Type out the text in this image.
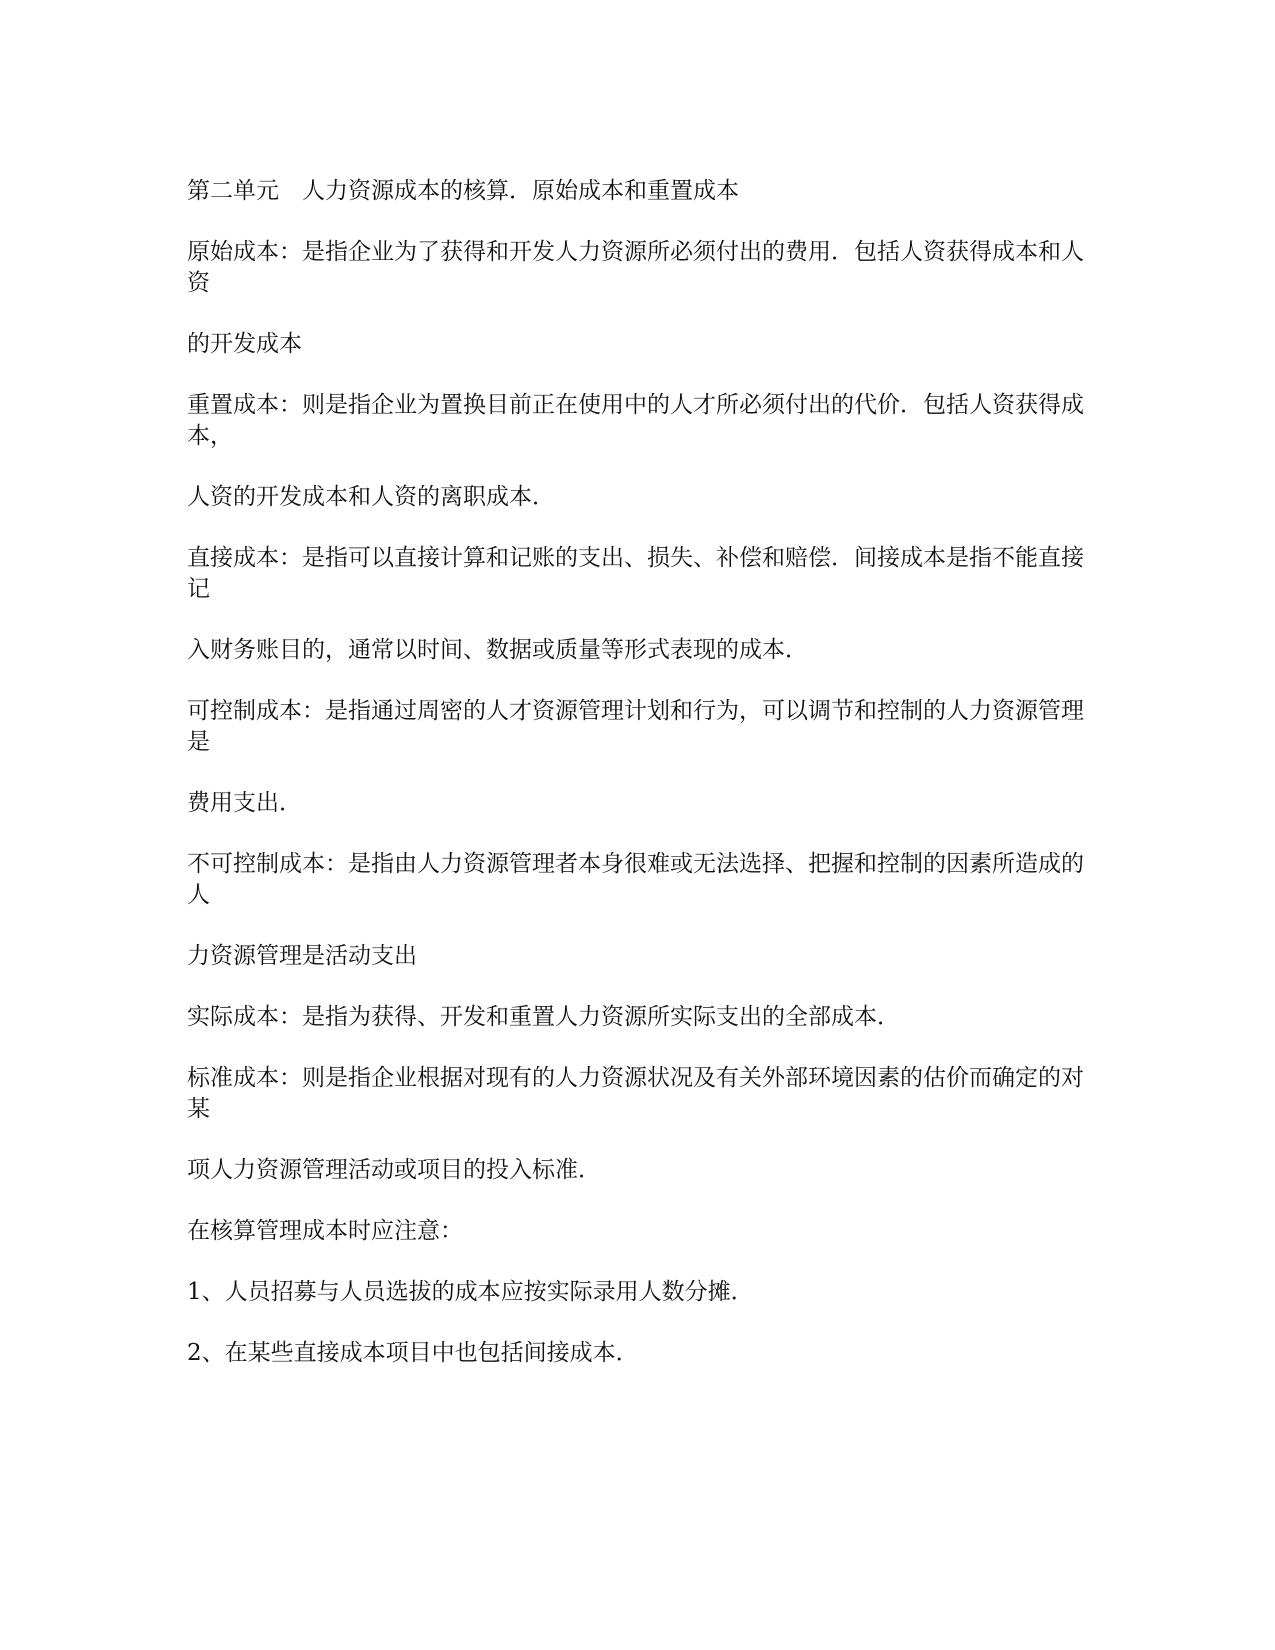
第二单元　人力资源成本的核算．原始成本和重置成本

原始成本：是指企业为了获得和开发人力资源所必须付出的费用．包括人资获得成本和人资

的开发成本

重置成本：则是指企业为置换目前正在使用中的人才所必须付出的代价．包括人资获得成本，

人资的开发成本和人资的离职成本．

直接成本：是指可以直接计算和记账的支出、损失、补偿和赔偿．间接成本是指不能直接记

入财务账目的，通常以时间、数据或质量等形式表现的成本．

可控制成本：是指通过周密的人才资源管理计划和行为，可以调节和控制的人力资源管理是

费用支出．

不可控制成本：是指由人力资源管理者本身很难或无法选择、把握和控制的因素所造成的人

力资源管理是活动支出

实际成本：是指为获得、开发和重置人力资源所实际支出的全部成本．

标准成本：则是指企业根据对现有的人力资源状况及有关外部环境因素的估价而确定的对某

项人力资源管理活动或项目的投入标准．

在核算管理成本时应注意：

1、人员招募与人员选拔的成本应按实际录用人数分摊．

2、在某些直接成本项目中也包括间接成本．
